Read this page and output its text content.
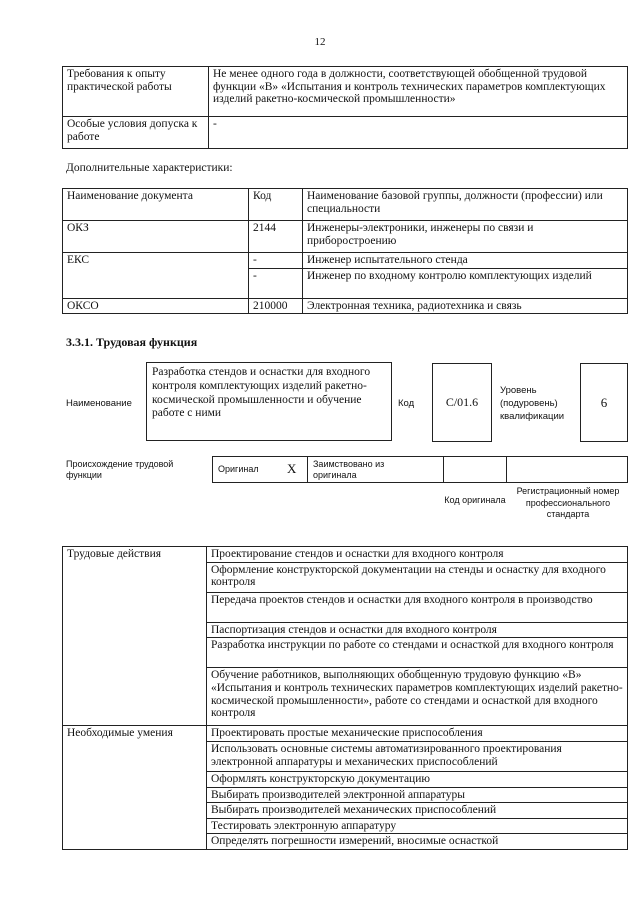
12
Требования к опыту практической работы	Не менее одного года в должности, соответствующей обобщенной трудовой функции «В» «Испытания и контроль технических параметров комплектующих изделий ракетно-космической промышленности»
Особые условия допуска к работе	-
Дополнительные характеристики:
Наименование документа	Код	Наименование базовой группы, должности (профессии) или специальности
ОКЗ	2144	Инженеры-электроники, инженеры по связи и приборостроению
ЕКС	-	Инженер испытательного стенда
	-	Инженер по входному контролю комплектующих изделий
ОКСО	210000	Электронная техника, радиотехника и связь
3.3.1. Трудовая функция
Наименование
Разработка стендов и оснастки для входного контроля комплектующих изделий ракетно-космической промышленности и обучение работе с ними
Код	C/01.6
Уровень (подуровень) квалификации
6
Происхождение трудовой функции
Оригинал X Заимствовано из оригинала
Код оригинала
Регистрационный номер профессионального стандарта
Трудовые действия	Проектирование стендов и оснастки для входного контроля
	Оформление конструкторской документации на стенды и оснастку для входного контроля
	Передача проектов стендов и оснастки для входного контроля в производство
	Паспортизация стендов и оснастки для входного контроля
	Разработка инструкции по работе со стендами и оснасткой для входного контроля
	Обучение работников, выполняющих обобщенную трудовую функцию «В» «Испытания и контроль технических параметров комплектующих изделий ракетно-космической промышленности», работе со стендами и оснасткой для входного контроля
Необходимые умения	Проектировать простые механические приспособления
	Использовать основные системы автоматизированного проектирования электронной аппаратуры и механических приспособлений
	Оформлять конструкторскую документацию
	Выбирать производителей электронной аппаратуры
	Выбирать производителей механических приспособлений
	Тестировать электронную аппаратуру
	Определять погрешности измерений, вносимые оснасткой
